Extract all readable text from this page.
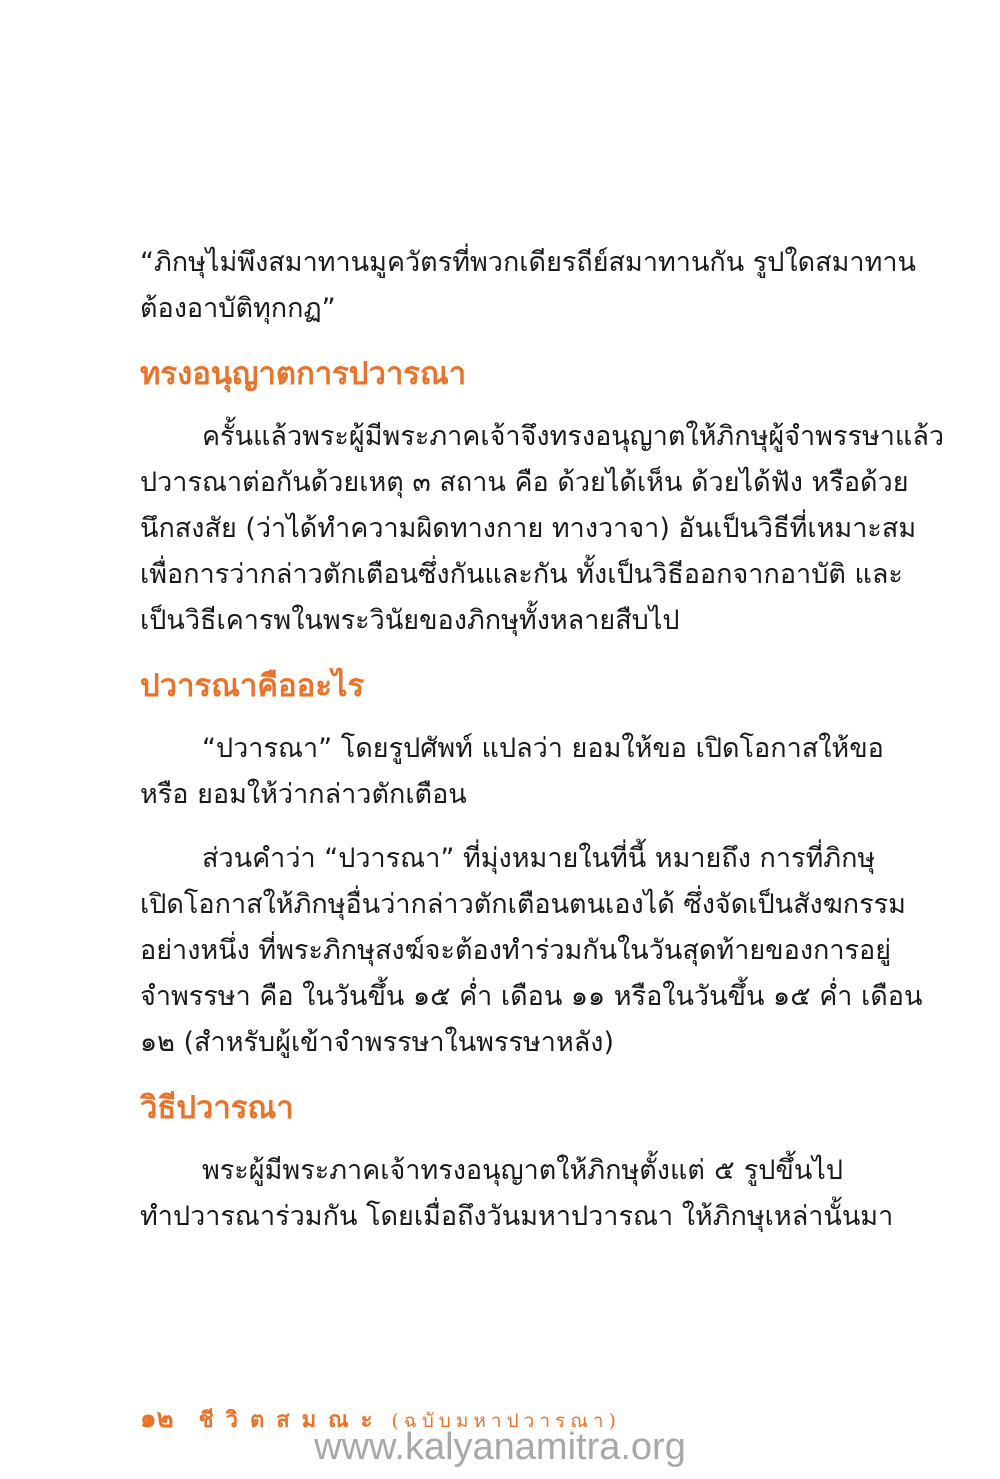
“ภิกษุไม่พึงสมาทานมูควัตรที่พวกเดียรถีย์สมาทานกัน รูปใดสมาทาน
ต้องอาบัติทุกกฏ”
ทรงอนุญาตการปวารณา
ครั้นแล้วพระผู้มีพระภาคเจ้าจึงทรงอนุญาตให้ภิกษุผู้จำพรรษาแล้ว
ปวารณาต่อกันด้วยเหตุ ๓ สถาน คือ ด้วยได้เห็น ด้วยได้ฟัง หรือด้วย
นึกสงสัย (ว่าได้ทำความผิดทางกาย ทางวาจา) อันเป็นวิธีที่เหมาะสม
เพื่อการว่ากล่าวตักเตือนซึ่งกันและกัน ทั้งเป็นวิธีออกจากอาบัติ และ
เป็นวิธีเคารพในพระวินัยของภิกษุทั้งหลายสืบไป
ปวารณาคืออะไร
“ปวารณา” โดยรูปศัพท์ แปลว่า ยอมให้ขอ เปิดโอกาสให้ขอ
หรือ ยอมให้ว่ากล่าวตักเตือน
ส่วนคำว่า “ปวารณา” ที่มุ่งหมายในที่นี้ หมายถึง การที่ภิกษุ
เปิดโอกาสให้ภิกษุอื่นว่ากล่าวตักเตือนตนเองได้ ซึ่งจัดเป็นสังฆกรรม
อย่างหนึ่ง ที่พระภิกษุสงฆ์จะต้องทำร่วมกันในวันสุดท้ายของการอยู่
จำพรรษา คือ ในวันขึ้น ๑๕ ค่ำ เดือน ๑๑ หรือในวันขึ้น ๑๕ ค่ำ เดือน
๑๒ (สำหรับผู้เข้าจำพรรษาในพรรษาหลัง)
วิธีปวารณา
พระผู้มีพระภาคเจ้าทรงอนุญาตให้ภิกษุตั้งแต่ ๕ รูปขึ้นไป
ทำปวารณาร่วมกัน โดยเมื่อถึงวันมหาปวารณา ให้ภิกษุเหล่านั้นมา
๑๒ ชีวิตสมณะ (ฉบับมหาปวารณา)
www.kalyanamitra.org
